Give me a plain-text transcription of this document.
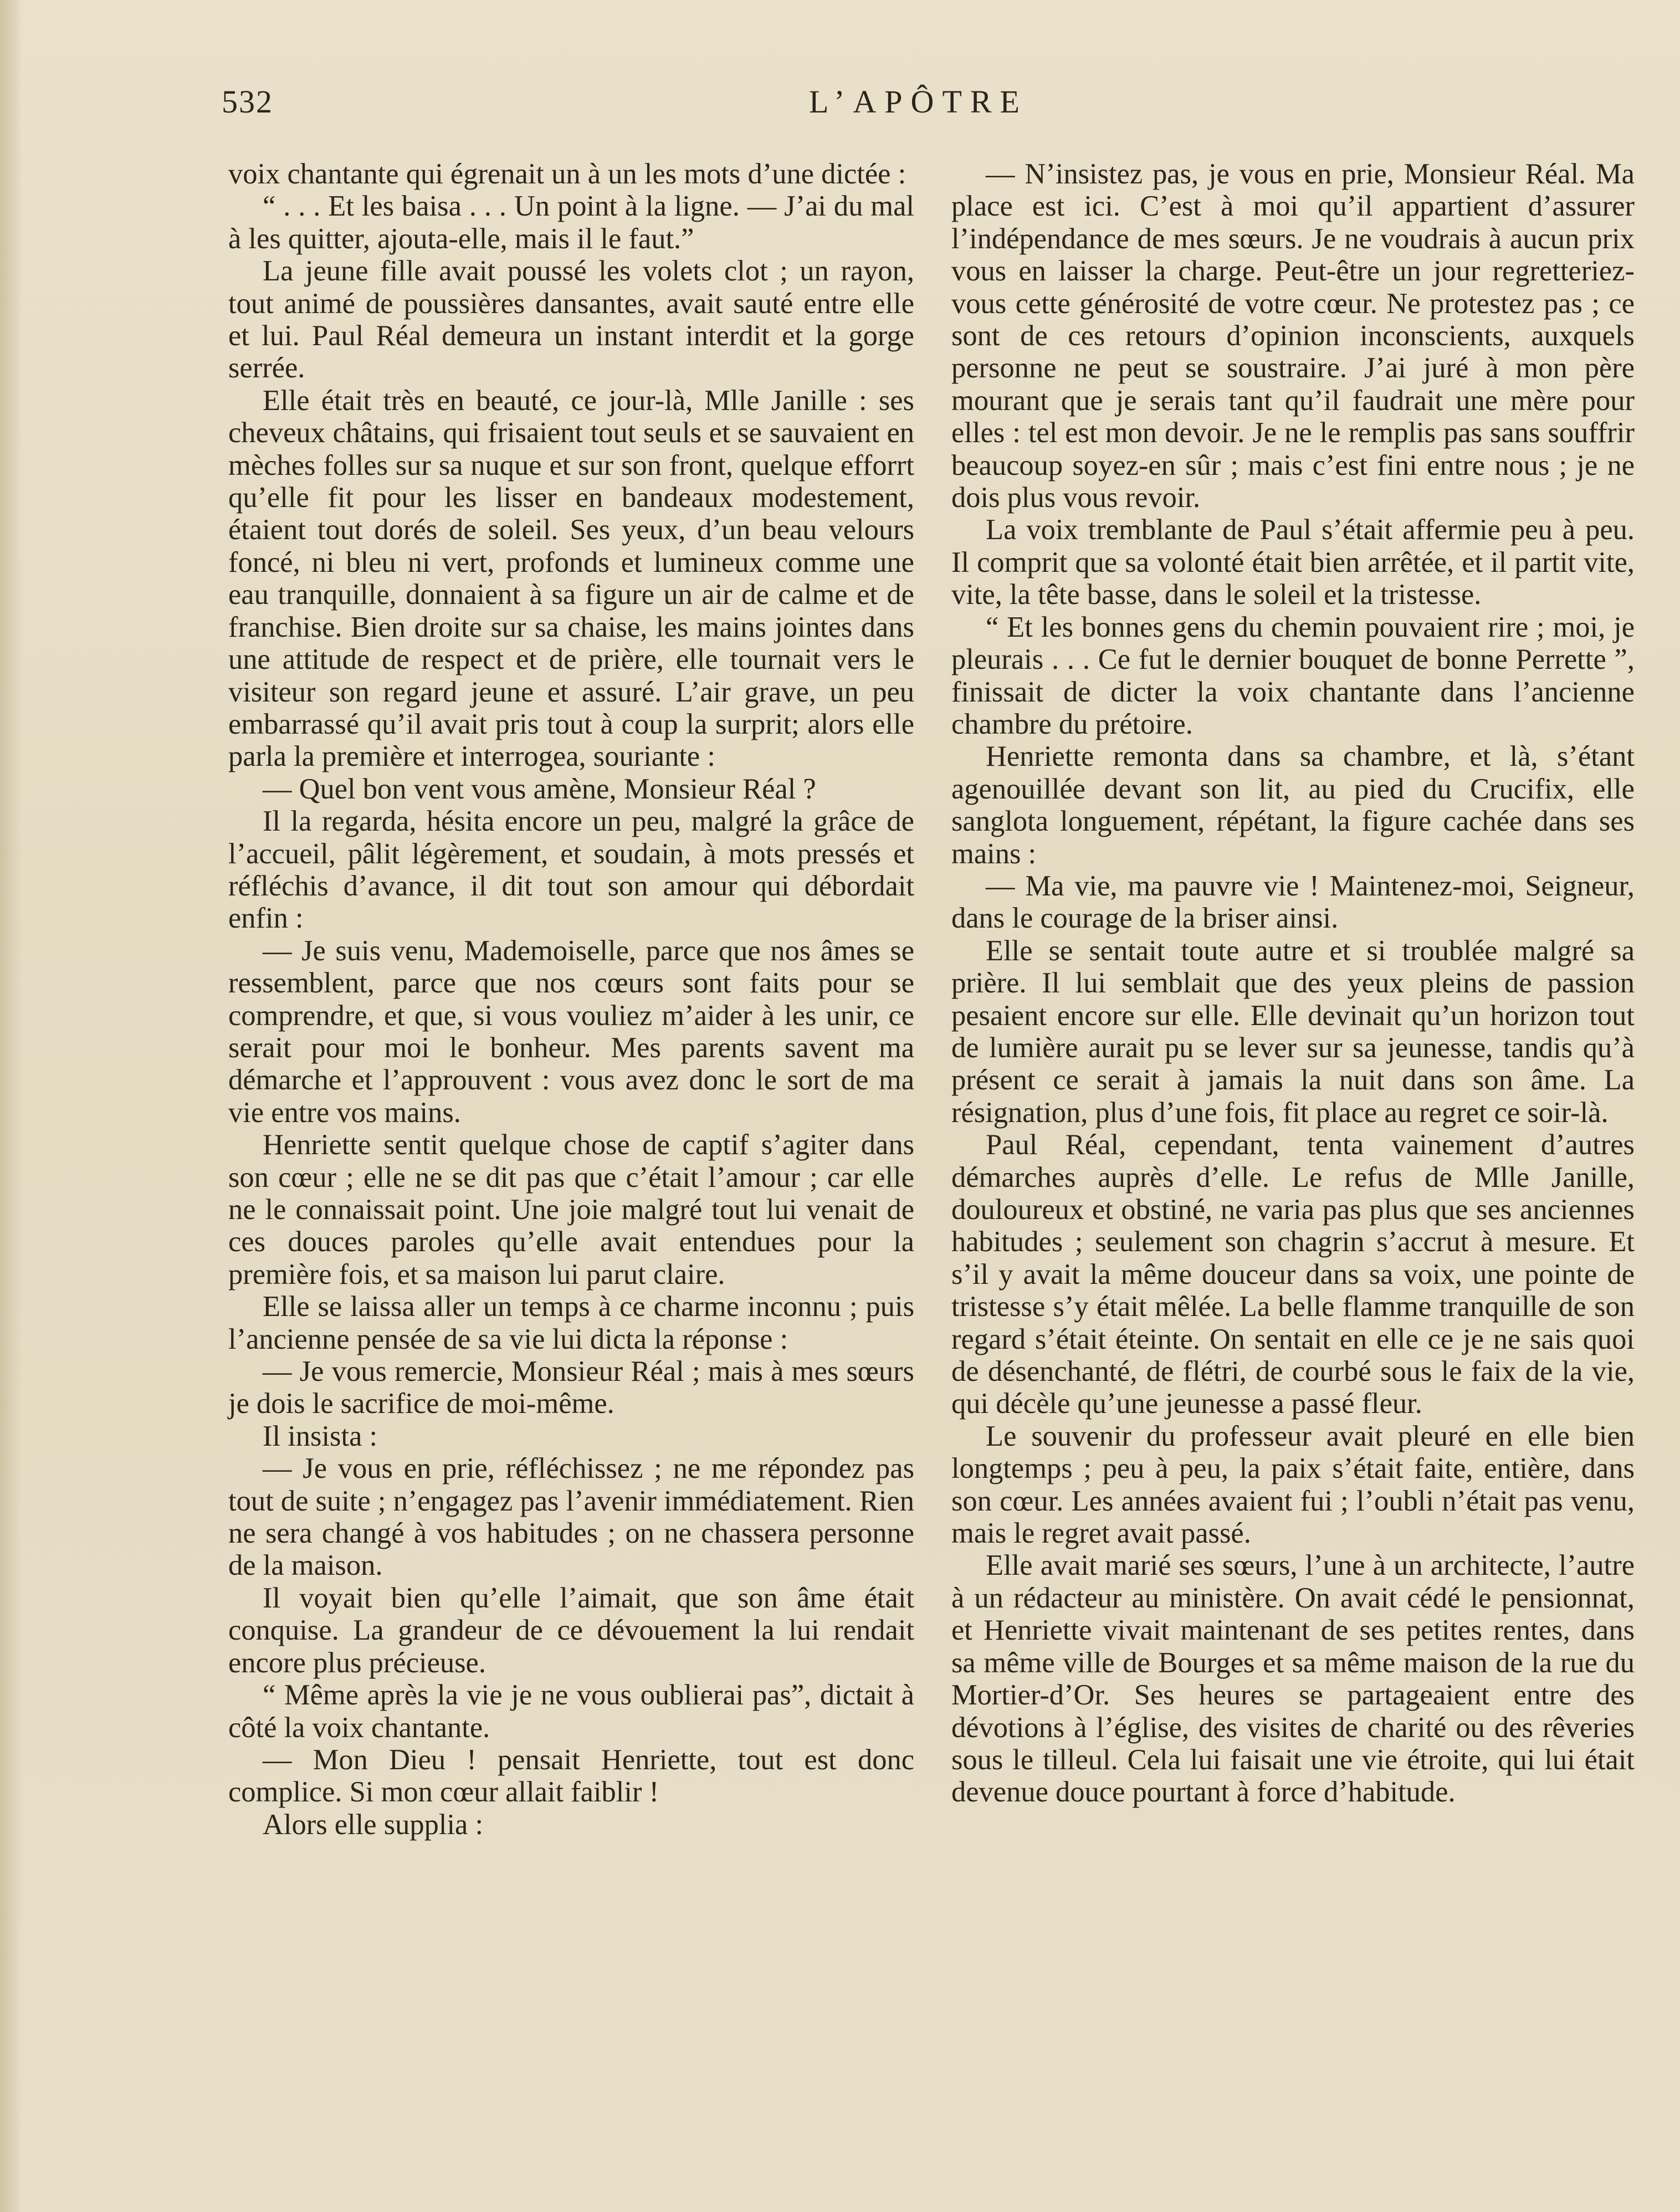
532	L’APÔTRE

voix chantante qui égrenait un à un les mots d’une dictée :

“ . . . Et les baisa . . . Un point à la ligne. — J’ai du mal à les quitter, ajouta-elle, mais il le faut.”

La jeune fille avait poussé les volets clot ; un rayon, tout animé de poussières dansantes, avait sauté entre elle et lui. Paul Réal demeura un instant interdit et la gorge serrée.

Elle était très en beauté, ce jour-là, Mlle Janille : ses cheveux châtains, qui frisaient tout seuls et se sauvaient en mèches folles sur sa nuque et sur son front, quelque efforrt qu’elle fit pour les lisser en bandeaux modestement, étaient tout dorés de soleil. Ses yeux, d’un beau velours foncé, ni bleu ni vert, profonds et lumineux comme une eau tranquille, donnaient à sa figure un air de calme et de franchise. Bien droite sur sa chaise, les mains jointes dans une attitude de respect et de prière, elle tournait vers le visiteur son regard jeune et assuré. L’air grave, un peu embarrassé qu’il avait pris tout à coup la surprit; alors elle parla la première et interrogea, souriante :

— Quel bon vent vous amène, Monsieur Réal ?

Il la regarda, hésita encore un peu, malgré la grâce de l’accueil, pâlit légèrement, et soudain, à mots pressés et réfléchis d’avance, il dit tout son amour qui débordait enfin :

— Je suis venu, Mademoiselle, parce que nos âmes se ressemblent, parce que nos cœurs sont faits pour se comprendre, et que, si vous vouliez m’aider à les unir, ce serait pour moi le bonheur. Mes parents savent ma démarche et l’approuvent : vous avez donc le sort de ma vie entre vos mains.

Henriette sentit quelque chose de captif s’agiter dans son cœur ; elle ne se dit pas que c’était l’amour ; car elle ne le connaissait point. Une joie malgré tout lui venait de ces douces paroles qu’elle avait entendues pour la première fois, et sa maison lui parut claire.

Elle se laissa aller un temps à ce charme inconnu ; puis l’ancienne pensée de sa vie lui dicta la réponse :

— Je vous remercie, Monsieur Réal ; mais à mes sœurs je dois le sacrifice de moi-même.

Il insista :

— Je vous en prie, réfléchissez ; ne me répondez pas tout de suite ; n’engagez pas l’avenir immédiatement. Rien ne sera changé à vos habitudes ; on ne chassera personne de la maison.

Il voyait bien qu’elle l’aimait, que son âme était conquise. La grandeur de ce dévouement la lui rendait encore plus précieuse.

“ Même après la vie je ne vous oublierai pas”, dictait à côté la voix chantante.

— Mon Dieu ! pensait Henriette, tout est donc complice. Si mon cœur allait faiblir !

Alors elle supplia :

— N’insistez pas, je vous en prie, Monsieur Réal. Ma place est ici. C’est à moi qu’il appartient d’assurer l’indépendance de mes sœurs. Je ne voudrais à aucun prix vous en laisser la charge. Peut-être un jour regretteriez-vous cette générosité de votre cœur. Ne protestez pas ; ce sont de ces retours d’opinion inconscients, auxquels personne ne peut se soustraire. J’ai juré à mon père mourant que je serais tant qu’il faudrait une mère pour elles : tel est mon devoir. Je ne le remplis pas sans souffrir beaucoup soyez-en sûr ; mais c’est fini entre nous ; je ne dois plus vous revoir.

La voix tremblante de Paul s’était affermie peu à peu. Il comprit que sa volonté était bien arrêtée, et il partit vite, vite, la tête basse, dans le soleil et la tristesse.

“ Et les bonnes gens du chemin pouvaient rire ; moi, je pleurais . . . Ce fut le dernier bouquet de bonne Perrette ”, finissait de dicter la voix chantante dans l’ancienne chambre du prétoire.

Henriette remonta dans sa chambre, et là, s’étant agenouillée devant son lit, au pied du Crucifix, elle sanglota longuement, répétant, la figure cachée dans ses mains :

— Ma vie, ma pauvre vie ! Maintenez-moi, Seigneur, dans le courage de la briser ainsi.

Elle se sentait toute autre et si troublée malgré sa prière. Il lui semblait que des yeux pleins de passion pesaient encore sur elle. Elle devinait qu’un horizon tout de lumière aurait pu se lever sur sa jeunesse, tandis qu’à présent ce serait à jamais la nuit dans son âme. La résignation, plus d’une fois, fit place au regret ce soir-là.

Paul Réal, cependant, tenta vainement d’autres démarches auprès d’elle. Le refus de Mlle Janille, douloureux et obstiné, ne varia pas plus que ses anciennes habitudes ; seulement son chagrin s’accrut à mesure. Et s’il y avait la même douceur dans sa voix, une pointe de tristesse s’y était mêlée. La belle flamme tranquille de son regard s’était éteinte. On sentait en elle ce je ne sais quoi de désenchanté, de flétri, de courbé sous le faix de la vie, qui décèle qu’une jeunesse a passé fleur.

Le souvenir du professeur avait pleuré en elle bien longtemps ; peu à peu, la paix s’était faite, entière, dans son cœur. Les années avaient fui ; l’oubli n’était pas venu, mais le regret avait passé.

Elle avait marié ses sœurs, l’une à un architecte, l’autre à un rédacteur au ministère. On avait cédé le pensionnat, et Henriette vivait maintenant de ses petites rentes, dans sa même ville de Bourges et sa même maison de la rue du Mortier-d’Or. Ses heures se partageaient entre des dévotions à l’église, des visites de charité ou des rêveries sous le tilleul. Cela lui faisait une vie étroite, qui lui était devenue douce pourtant à force d’habitude.
